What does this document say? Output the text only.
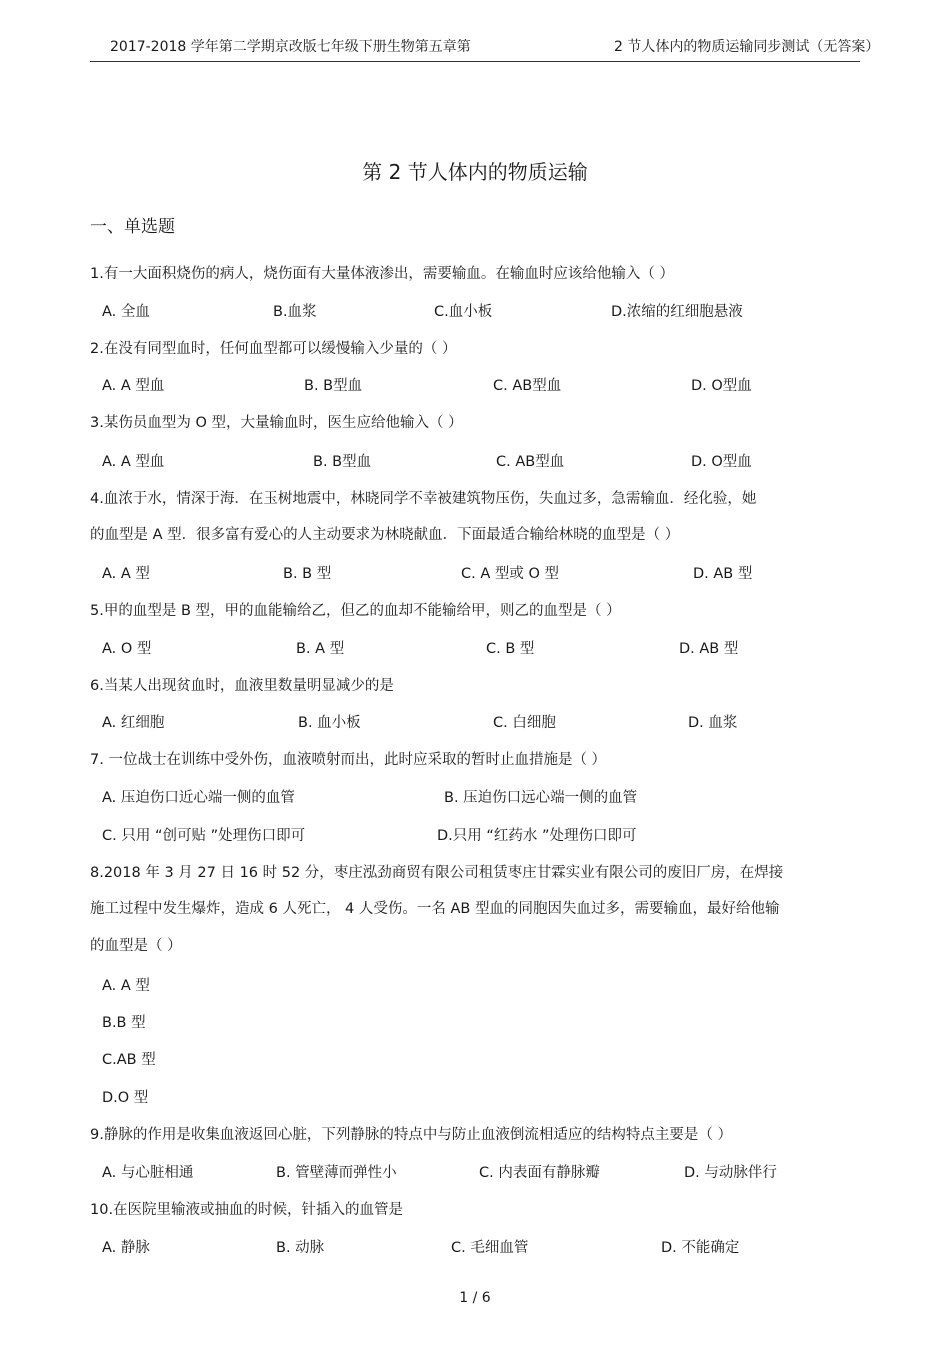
2017-2018 学年第二学期京改版七年级下册生物第五章第	2 节人体内的物质运输同步测试（无答案）
第 2 节人体内的物质运输
一、单选题
1.有一大面积烧伤的病人，烧伤面有大量体液渗出，需要输血。在输血时应该给他输入（ ）
A. 全血	B.血浆	C.血小板	D.浓缩的红细胞悬液
2.在没有同型血时，任何血型都可以缓慢输入少量的（ ）
A. A 型血	B. B型血	C. AB型血	D. O型血
3.某伤员血型为 O 型，大量输血时，医生应给他输入（ ）
A. A 型血	B. B型血	C. AB型血	D. O型血
4.血浓于水，情深于海．在玉树地震中，林晓同学不幸被建筑物压伤，失血过多，急需输血．经化验，她
的血型是 A 型．很多富有爱心的人主动要求为林晓献血．下面最适合输给林晓的血型是（ ）
A. A 型	B. B 型	C. A 型或 O 型	D. AB 型
5.甲的血型是 B 型，甲的血能输给乙，但乙的血却不能输给甲，则乙的血型是（ ）
A. O 型	B. A 型	C. B 型	D. AB 型
6.当某人出现贫血时，血液里数量明显减少的是
A. 红细胞	B. 血小板	C. 白细胞	D. 血浆
7. 一位战士在训练中受外伤，血液喷射而出，此时应采取的暂时止血措施是（ ）
A. 压迫伤口近心端一侧的血管	B. 压迫伤口远心端一侧的血管
C. 只用 “创可贴 ”处理伤口即可	D.只用 “红药水 ”处理伤口即可
8.2018 年 3 月 27 日 16 时 52 分，枣庄泓劲商贸有限公司租赁枣庄甘霖实业有限公司的废旧厂房，在焊接
施工过程中发生爆炸，造成 6 人死亡， 4 人受伤。一名 AB 型血的同胞因失血过多，需要输血，最好给他输
的血型是（ ）
A. A 型
B.B 型
C.AB 型
D.O 型
9.静脉的作用是收集血液返回心脏，下列静脉的特点中与防止血液倒流相适应的结构特点主要是（ ）
A. 与心脏相通	B. 管壁薄而弹性小	C. 内表面有静脉瓣	D. 与动脉伴行
10.在医院里输液或抽血的时候，针插入的血管是
A. 静脉	B. 动脉	C. 毛细血管	D. 不能确定
1 / 6
